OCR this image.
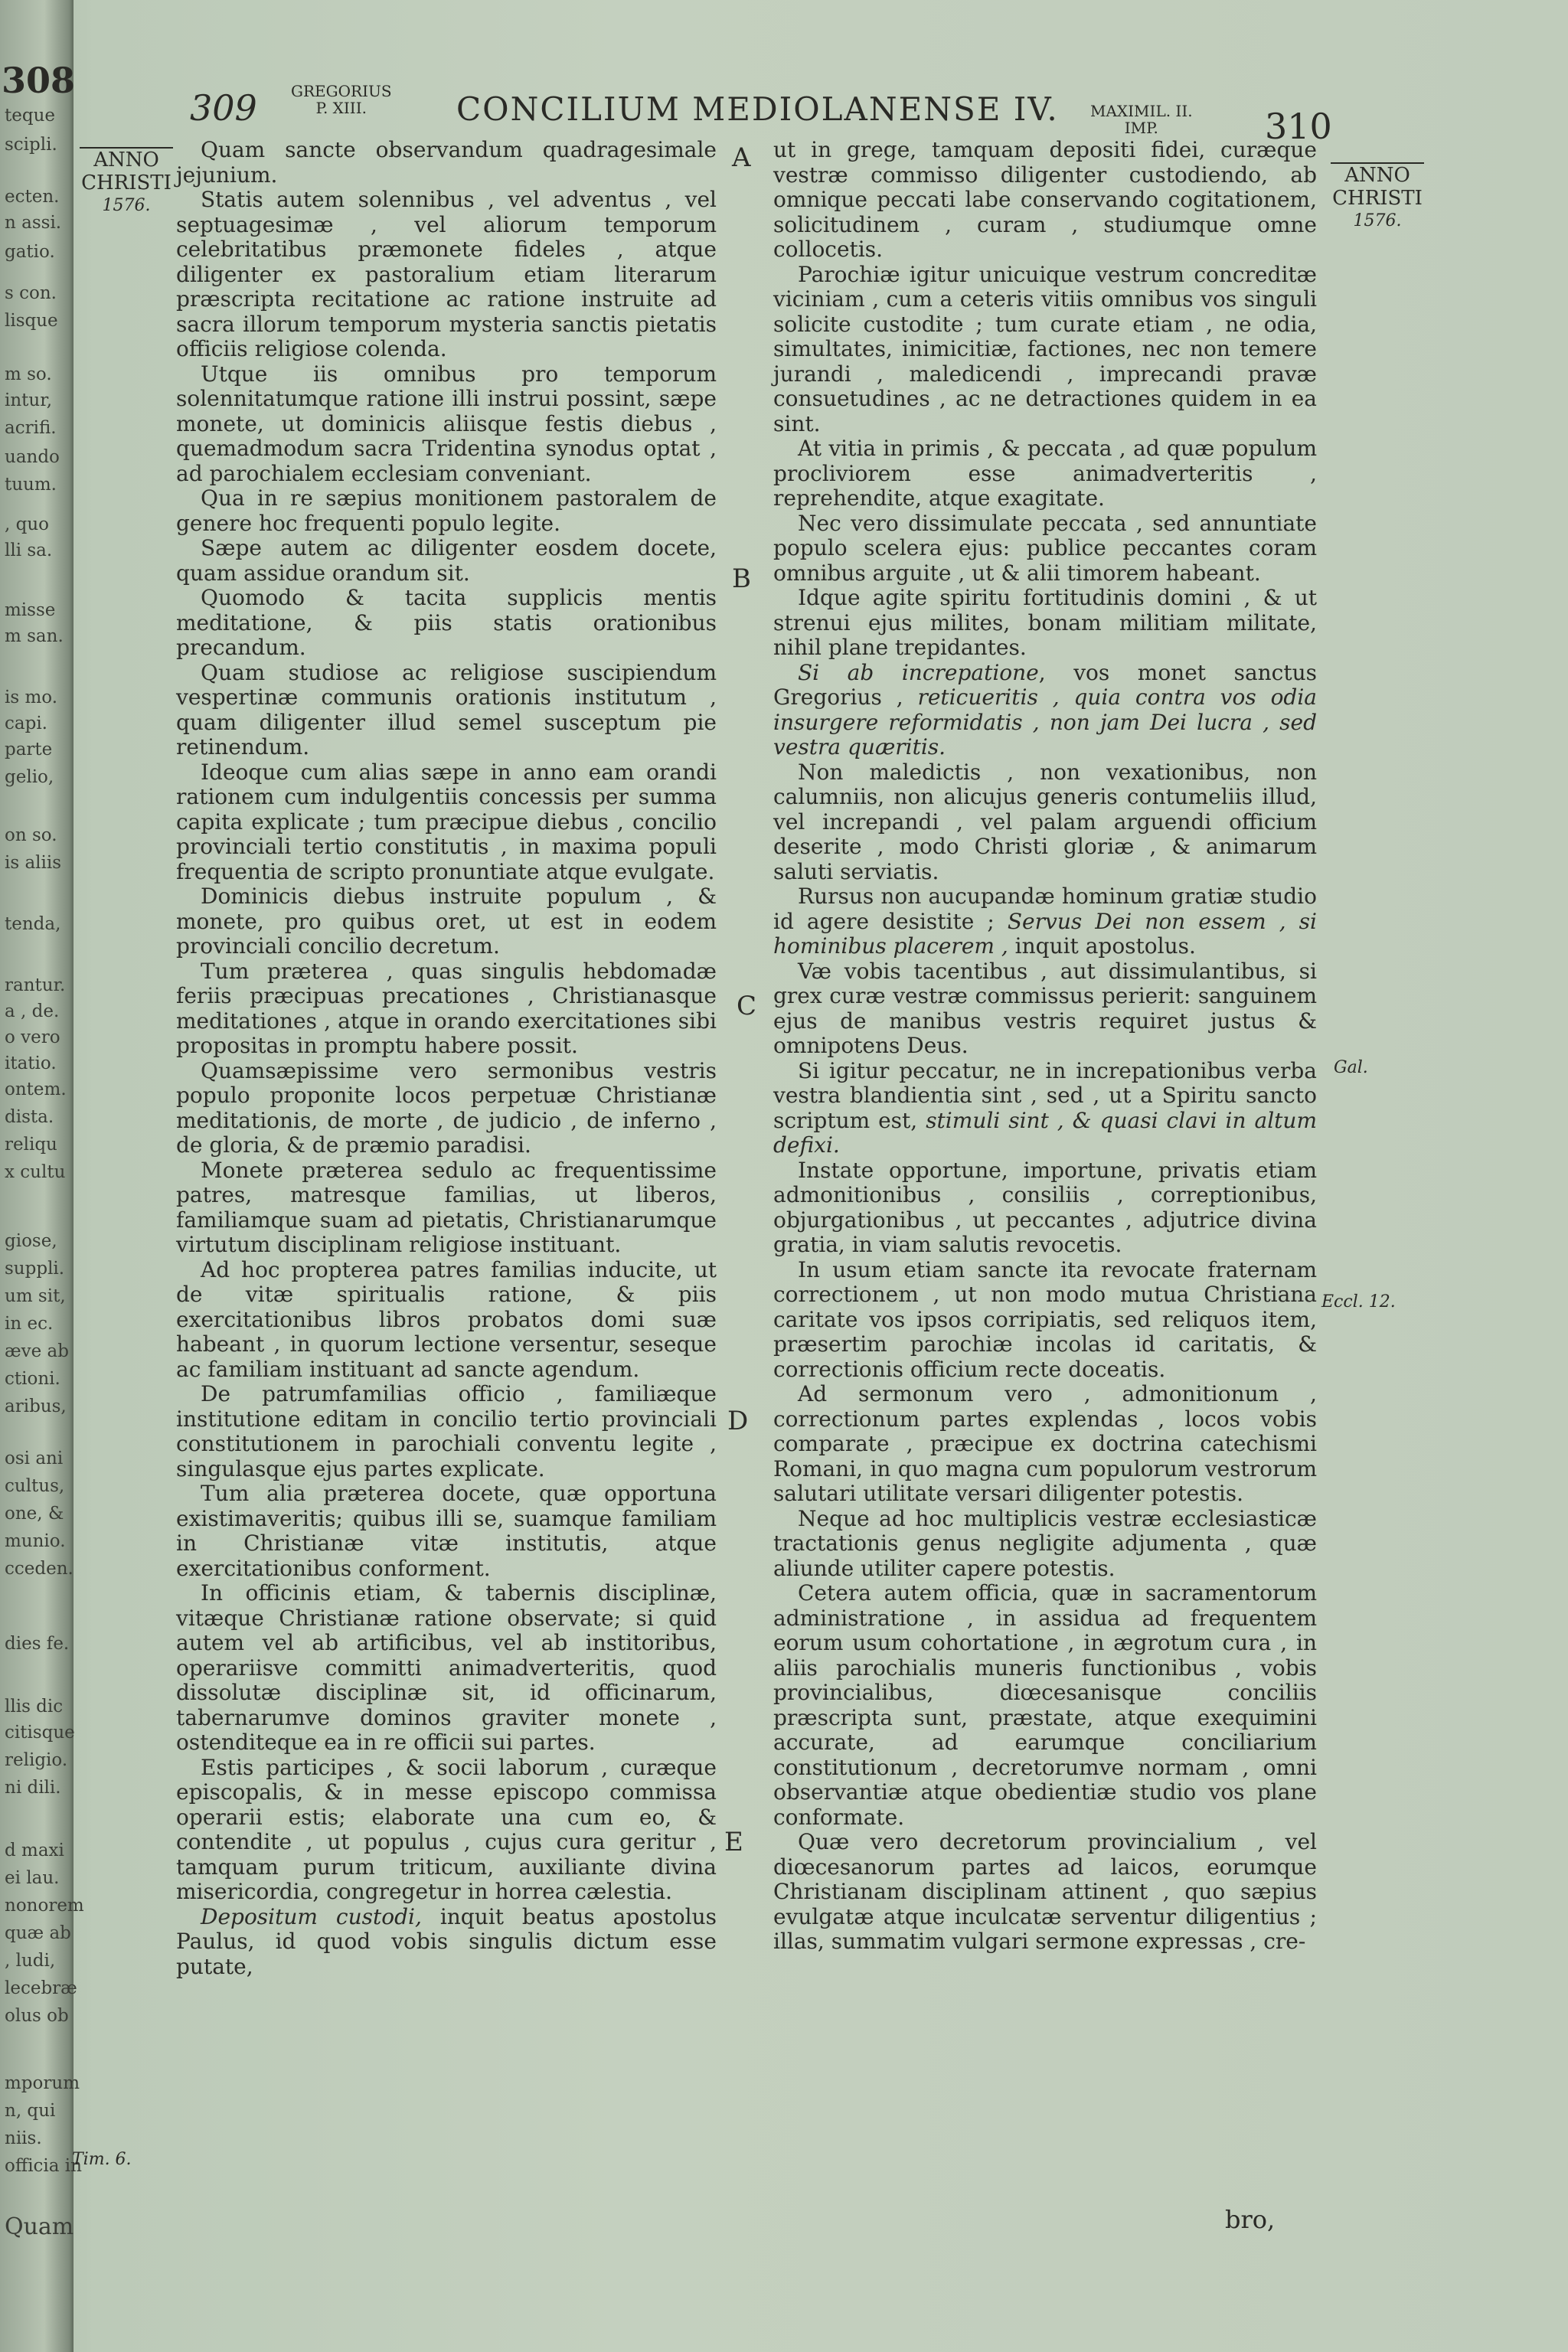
308
teque
scipli.
ecten.
n assi.
gatio.
s con.
lisque
m so.
intur,
acrifi.
uando
tuum.
, quo
lli sa.
misse
m san.
is mo.
capi.
parte
gelio,
on so.
is aliis
tenda,
rantur.
a , de.
o vero
itatio.
ontem.
dista.
reliqu
x cultu
giose,
suppli.
um sit,
in ec.
æve ab
ctioni.
aribus,
osi ani
cultus,
one, &
munio.
cceden.
dies fe.
llis dic
citisque
religio.
ni dili.
d maxi
ei lau.
nonorem
quæ ab
, ludi,
lecebræ
olus ob
mporum
n, qui
niis.
officia in
Quam
309 GREGORIUS
P. XIII.	CONCILIUM MEDIOLANENSE IV. MAXIMIL. II.
IMP.	310
ANNO
CHRISTI
1576.
ANNO
CHRISTI
1576.
A
B
C
D
E
Tim. 6.
Gal.
Eccl. 12.

Quam sancte observandum quadragesimale jejunium.

Statis autem solennibus , vel adventus , vel septuagesimæ , vel aliorum temporum celebritatibus præmonete fideles , atque diligenter ex pastoralium etiam literarum præscripta recitatione ac ratione instruite ad sacra illorum temporum mysteria sanctis pietatis officiis religiose colenda.

Utque iis omnibus pro temporum solennitatumque ratione illi instrui possint, sæpe monete, ut dominicis aliisque festis diebus , quemadmodum sacra Tridentina synodus optat , ad parochialem ecclesiam conveniant.

Qua in re sæpius monitionem pastoralem de genere hoc frequenti populo legite.

Sæpe autem ac diligenter eosdem docete, quam assidue orandum sit.

Quomodo & tacita supplicis mentis meditatione, & piis statis orationibus precandum.

Quam studiose ac religiose suscipiendum vespertinæ communis orationis institutum , quam diligenter illud semel susceptum pie retinendum.

Ideoque cum alias sæpe in anno eam orandi rationem cum indulgentiis concessis per summa capita explicate ; tum præcipue diebus , concilio provinciali tertio constitutis , in maxima populi frequentia de scripto pronuntiate atque evulgate.

Dominicis diebus instruite populum , & monete, pro quibus oret, ut est in eodem provinciali concilio decretum.

Tum præterea , quas singulis hebdomadæ feriis præcipuas precationes , Christianasque meditationes , atque in orando exercitationes sibi propositas in promptu habere possit.

Quamsæpissime vero sermonibus vestris populo proponite locos perpetuæ Christianæ meditationis, de morte , de judicio , de inferno , de gloria, & de præmio paradisi.

Monete præterea sedulo ac frequentissime patres, matresque familias, ut liberos, familiamque suam ad pietatis, Christianarumque virtutum disciplinam religiose instituant.

Ad hoc propterea patres familias inducite, ut de vitæ spiritualis ratione, & piis exercitationibus libros probatos domi suæ habeant , in quorum lectione versentur, seseque ac familiam instituant ad sancte agendum.

De patrumfamilias officio , familiæque institutione editam in concilio tertio provinciali constitutionem in parochiali conventu legite , singulasque ejus partes explicate.

Tum alia præterea docete, quæ opportuna existimaveritis; quibus illi se, suamque familiam in Christianæ vitæ institutis, atque exercitationibus conforment.

In officinis etiam, & tabernis disciplinæ, vitæque Christianæ ratione observate; si quid autem vel ab artificibus, vel ab institoribus, operariisve committi animadverteritis, quod dissolutæ disciplinæ sit, id officinarum, tabernarumve dominos graviter monete , ostenditeque ea in re officii sui partes.

Estis participes , & socii laborum , curæque episcopalis, & in messe episcopo commissa operarii estis; elaborate una cum eo, & contendite , ut populus , cujus cura geritur , tamquam purum triticum, auxiliante divina misericordia, congregetur in horrea cælestia.

Depositum custodi, inquit beatus apostolus Paulus, id quod vobis singulis dictum esse putate,

ut in grege, tamquam depositi fidei, curæque vestræ commisso diligenter custodiendo, ab omnique peccati labe conservando cogitationem, solicitudinem , curam , studiumque omne collocetis.

Parochiæ igitur unicuique vestrum concreditæ viciniam , cum a ceteris vitiis omnibus vos singuli solicite custodite ; tum curate etiam , ne odia, simultates, inimicitiæ, factiones, nec non temere jurandi , maledicendi , imprecandi pravæ consuetudines , ac ne detractiones quidem in ea sint.

At vitia in primis , & peccata , ad quæ populum procliviorem esse animadverteritis , reprehendite, atque exagitate.

Nec vero dissimulate peccata , sed annuntiate populo scelera ejus: publice peccantes coram omnibus arguite , ut & alii timorem habeant.

Idque agite spiritu fortitudinis domini , & ut strenui ejus milites, bonam militiam militate, nihil plane trepidantes.

Si ab increpatione, vos monet sanctus Gregorius , reticueritis , quia contra vos odia insurgere reformidatis , non jam Dei lucra , sed vestra quæritis.

Non maledictis , non vexationibus, non calumniis, non alicujus generis contumeliis illud, vel increpandi , vel palam arguendi officium deserite , modo Christi gloriæ , & animarum saluti serviatis.

Rursus non aucupandæ hominum gratiæ studio id agere desistite ; Servus Dei non essem , si hominibus placerem , inquit apostolus.

Væ vobis tacentibus , aut dissimulantibus, si grex curæ vestræ commissus perierit: sanguinem ejus de manibus vestris requiret justus & omnipotens Deus.

Si igitur peccatur, ne in increpationibus verba vestra blandientia sint , sed , ut a Spiritu sancto scriptum est, stimuli sint , & quasi clavi in altum defixi.

Instate opportune, importune, privatis etiam admonitionibus , consiliis , correptionibus, objurgationibus , ut peccantes , adjutrice divina gratia, in viam salutis revocetis.

In usum etiam sancte ita revocate fraternam correctionem , ut non modo mutua Christiana caritate vos ipsos corripiatis, sed reliquos item, præsertim parochiæ incolas id caritatis, & correctionis officium recte doceatis.

Ad sermonum vero , admonitionum , correctionum partes explendas , locos vobis comparate , præcipue ex doctrina catechismi Romani, in quo magna cum populorum vestrorum salutari utilitate versari diligenter potestis.

Neque ad hoc multiplicis vestræ ecclesiasticæ tractationis genus negligite adjumenta , quæ aliunde utiliter capere potestis.

Cetera autem officia, quæ in sacramentorum administratione , in assidua ad frequentem eorum usum cohortatione , in ægrotum cura , in aliis parochialis muneris functionibus , vobis provincialibus, diœcesanisque conciliis præscripta sunt, præstate, atque exequimini accurate, ad earumque conciliarium constitutionum , decretorumve normam , omni observantiæ atque obedientiæ studio vos plane conformate.

Quæ vero decretorum provincialium , vel diœcesanorum partes ad laicos, eorumque Christianam disciplinam attinent , quo sæpius evulgatæ atque inculcatæ serventur diligentius ; illas, summatim vulgari sermone expressas , cre-

bro,
